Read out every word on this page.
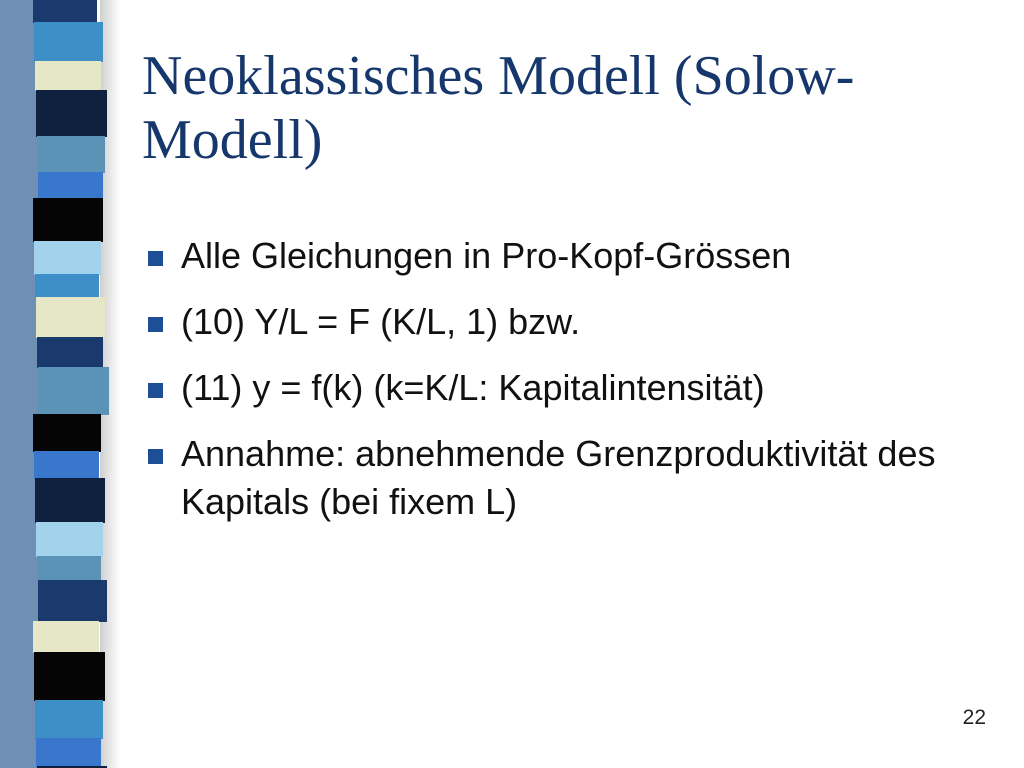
Neoklassisches Modell (Solow-Modell)
Alle Gleichungen in Pro-Kopf-Grössen
(10) Y/L = F (K/L, 1) bzw.
(11) y = f(k) (k=K/L: Kapitalintensität)
Annahme: abnehmende Grenzproduktivität des Kapitals (bei fixem L)
22
